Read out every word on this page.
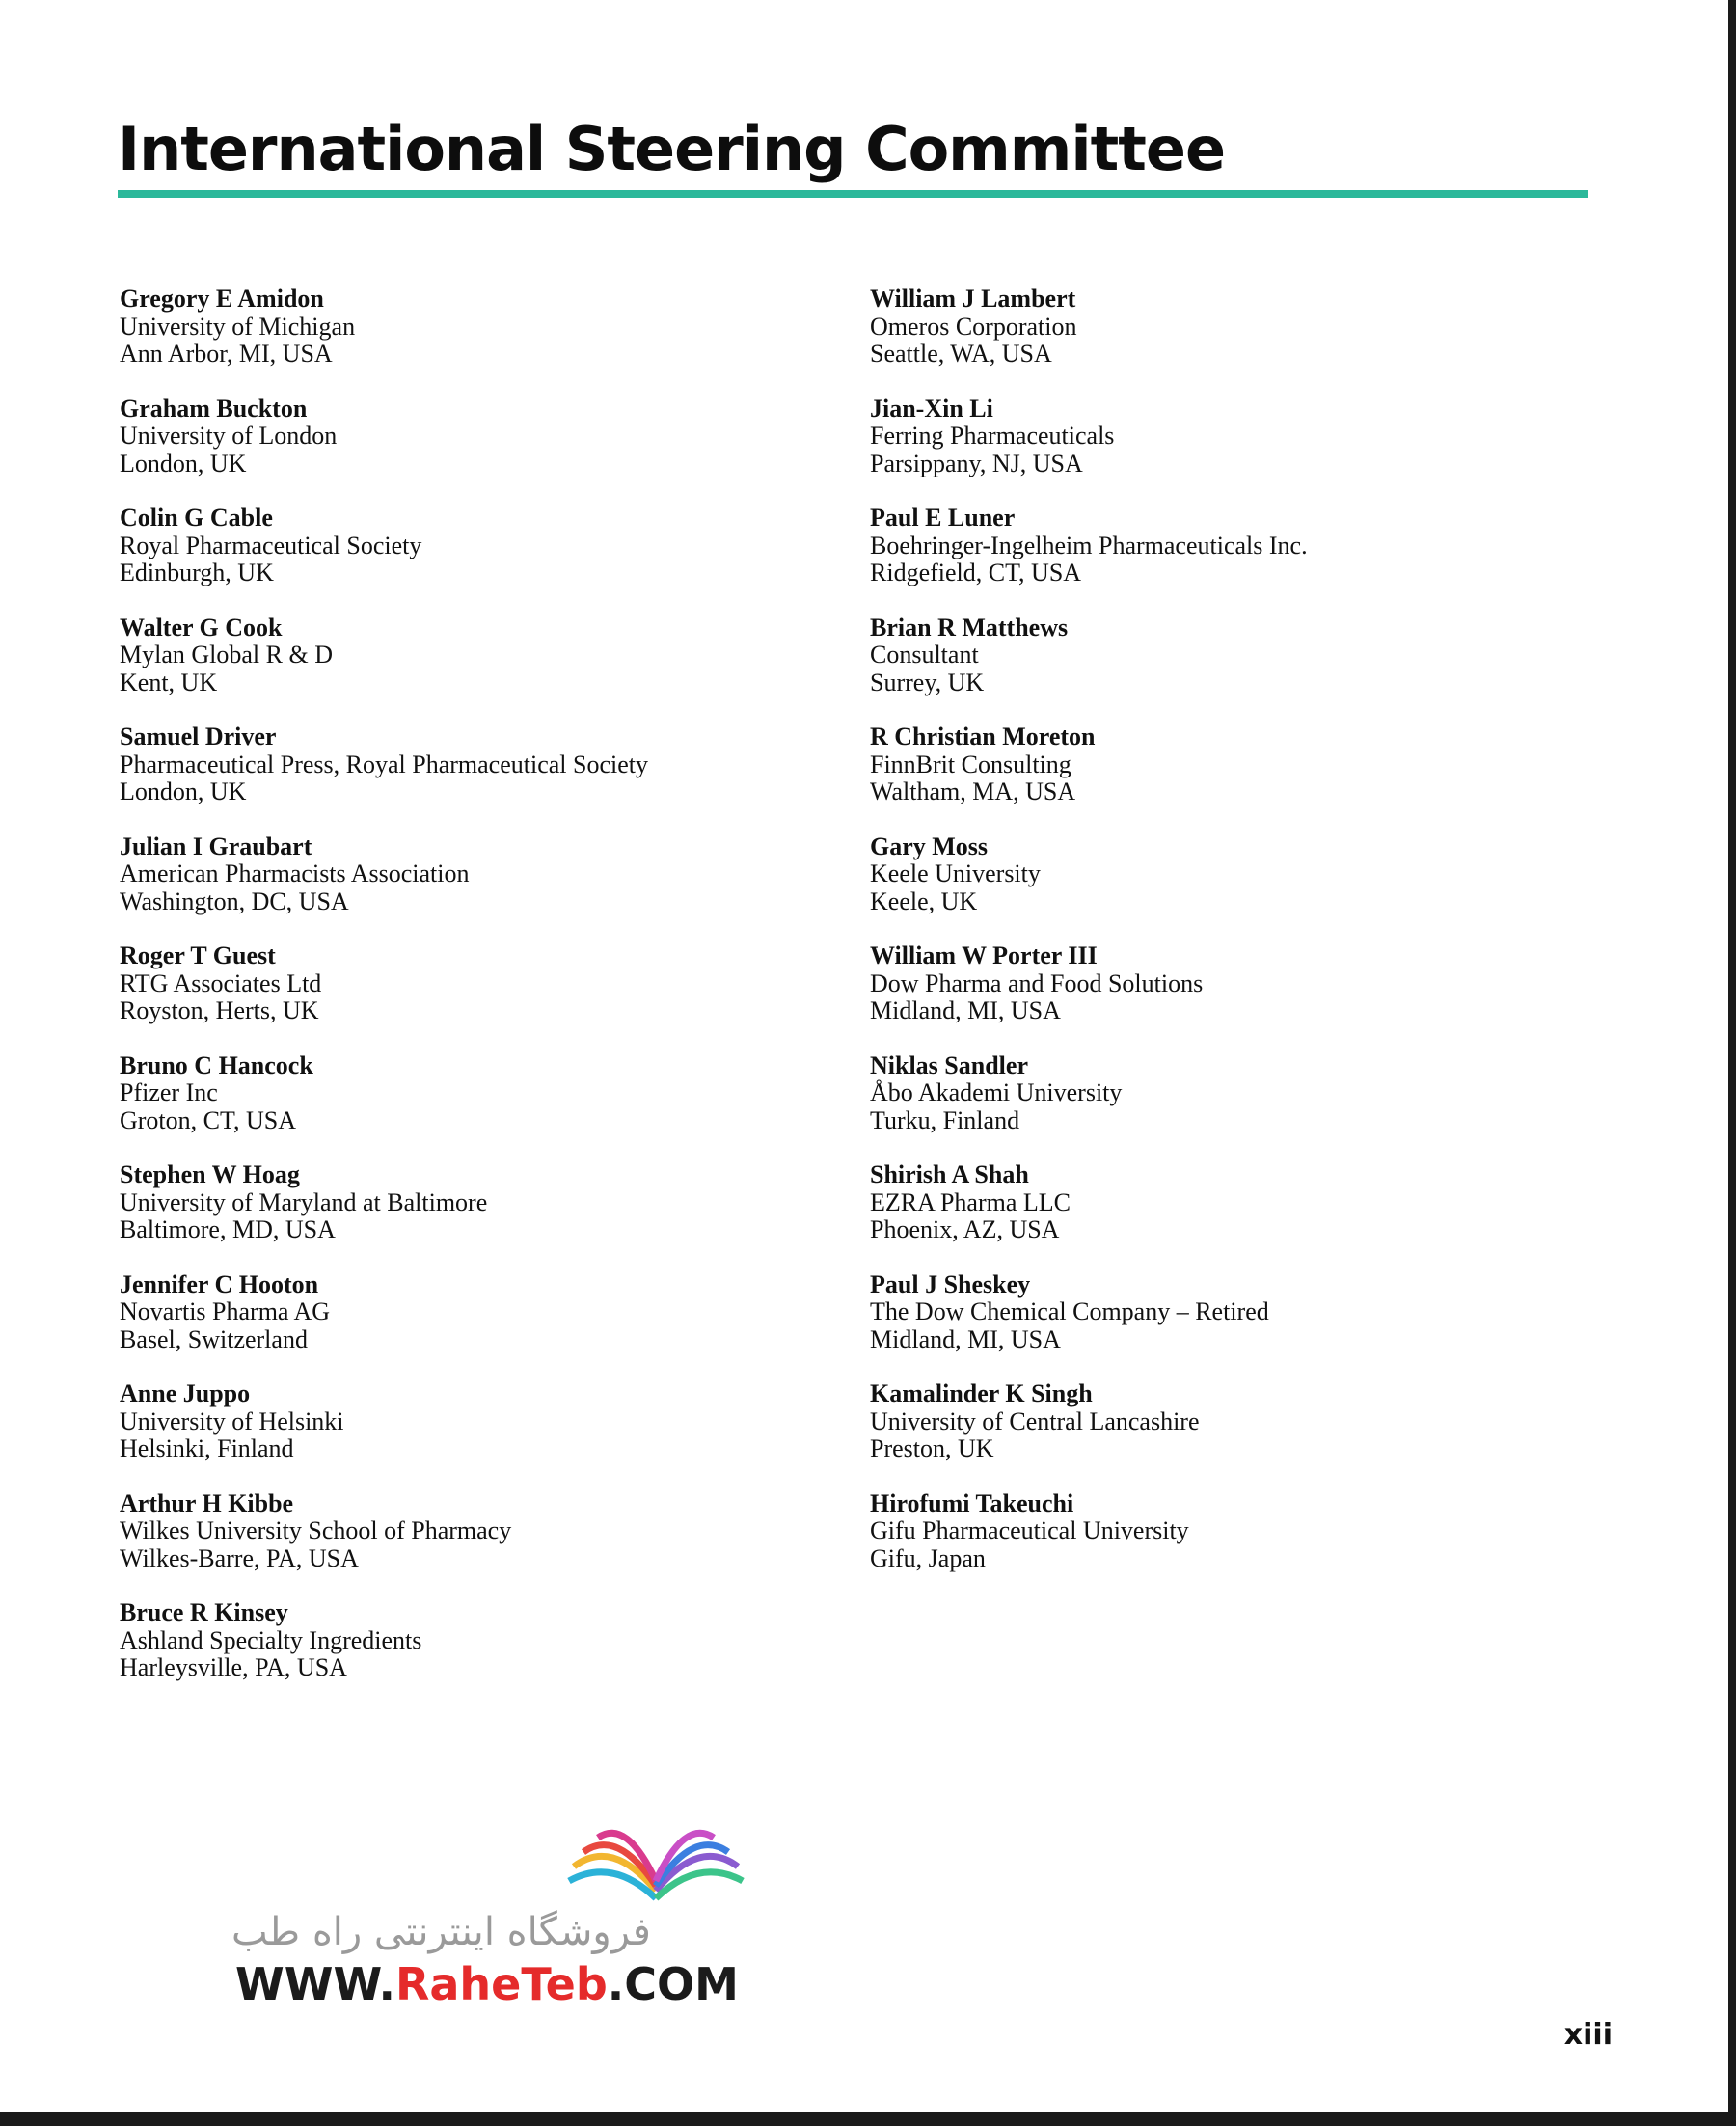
International Steering Committee
Gregory E Amidon
University of Michigan
Ann Arbor, MI, USA
Graham Buckton
University of London
London, UK
Colin G Cable
Royal Pharmaceutical Society
Edinburgh, UK
Walter G Cook
Mylan Global R & D
Kent, UK
Samuel Driver
Pharmaceutical Press, Royal Pharmaceutical Society
London, UK
Julian I Graubart
American Pharmacists Association
Washington, DC, USA
Roger T Guest
RTG Associates Ltd
Royston, Herts, UK
Bruno C Hancock
Pfizer Inc
Groton, CT, USA
Stephen W Hoag
University of Maryland at Baltimore
Baltimore, MD, USA
Jennifer C Hooton
Novartis Pharma AG
Basel, Switzerland
Anne Juppo
University of Helsinki
Helsinki, Finland
Arthur H Kibbe
Wilkes University School of Pharmacy
Wilkes-Barre, PA, USA
Bruce R Kinsey
Ashland Specialty Ingredients
Harleysville, PA, USA
William J Lambert
Omeros Corporation
Seattle, WA, USA
Jian-Xin Li
Ferring Pharmaceuticals
Parsippany, NJ, USA
Paul E Luner
Boehringer-Ingelheim Pharmaceuticals Inc.
Ridgefield, CT, USA
Brian R Matthews
Consultant
Surrey, UK
R Christian Moreton
FinnBrit Consulting
Waltham, MA, USA
Gary Moss
Keele University
Keele, UK
William W Porter III
Dow Pharma and Food Solutions
Midland, MI, USA
Niklas Sandler
Åbo Akademi University
Turku, Finland
Shirish A Shah
EZRA Pharma LLC
Phoenix, AZ, USA
Paul J Sheskey
The Dow Chemical Company – Retired
Midland, MI, USA
Kamalinder K Singh
University of Central Lancashire
Preston, UK
Hirofumi Takeuchi
Gifu Pharmaceutical University
Gifu, Japan
فروشگاه اینترنتی راه طب
WWW.RaheTeb.COM
xiii
